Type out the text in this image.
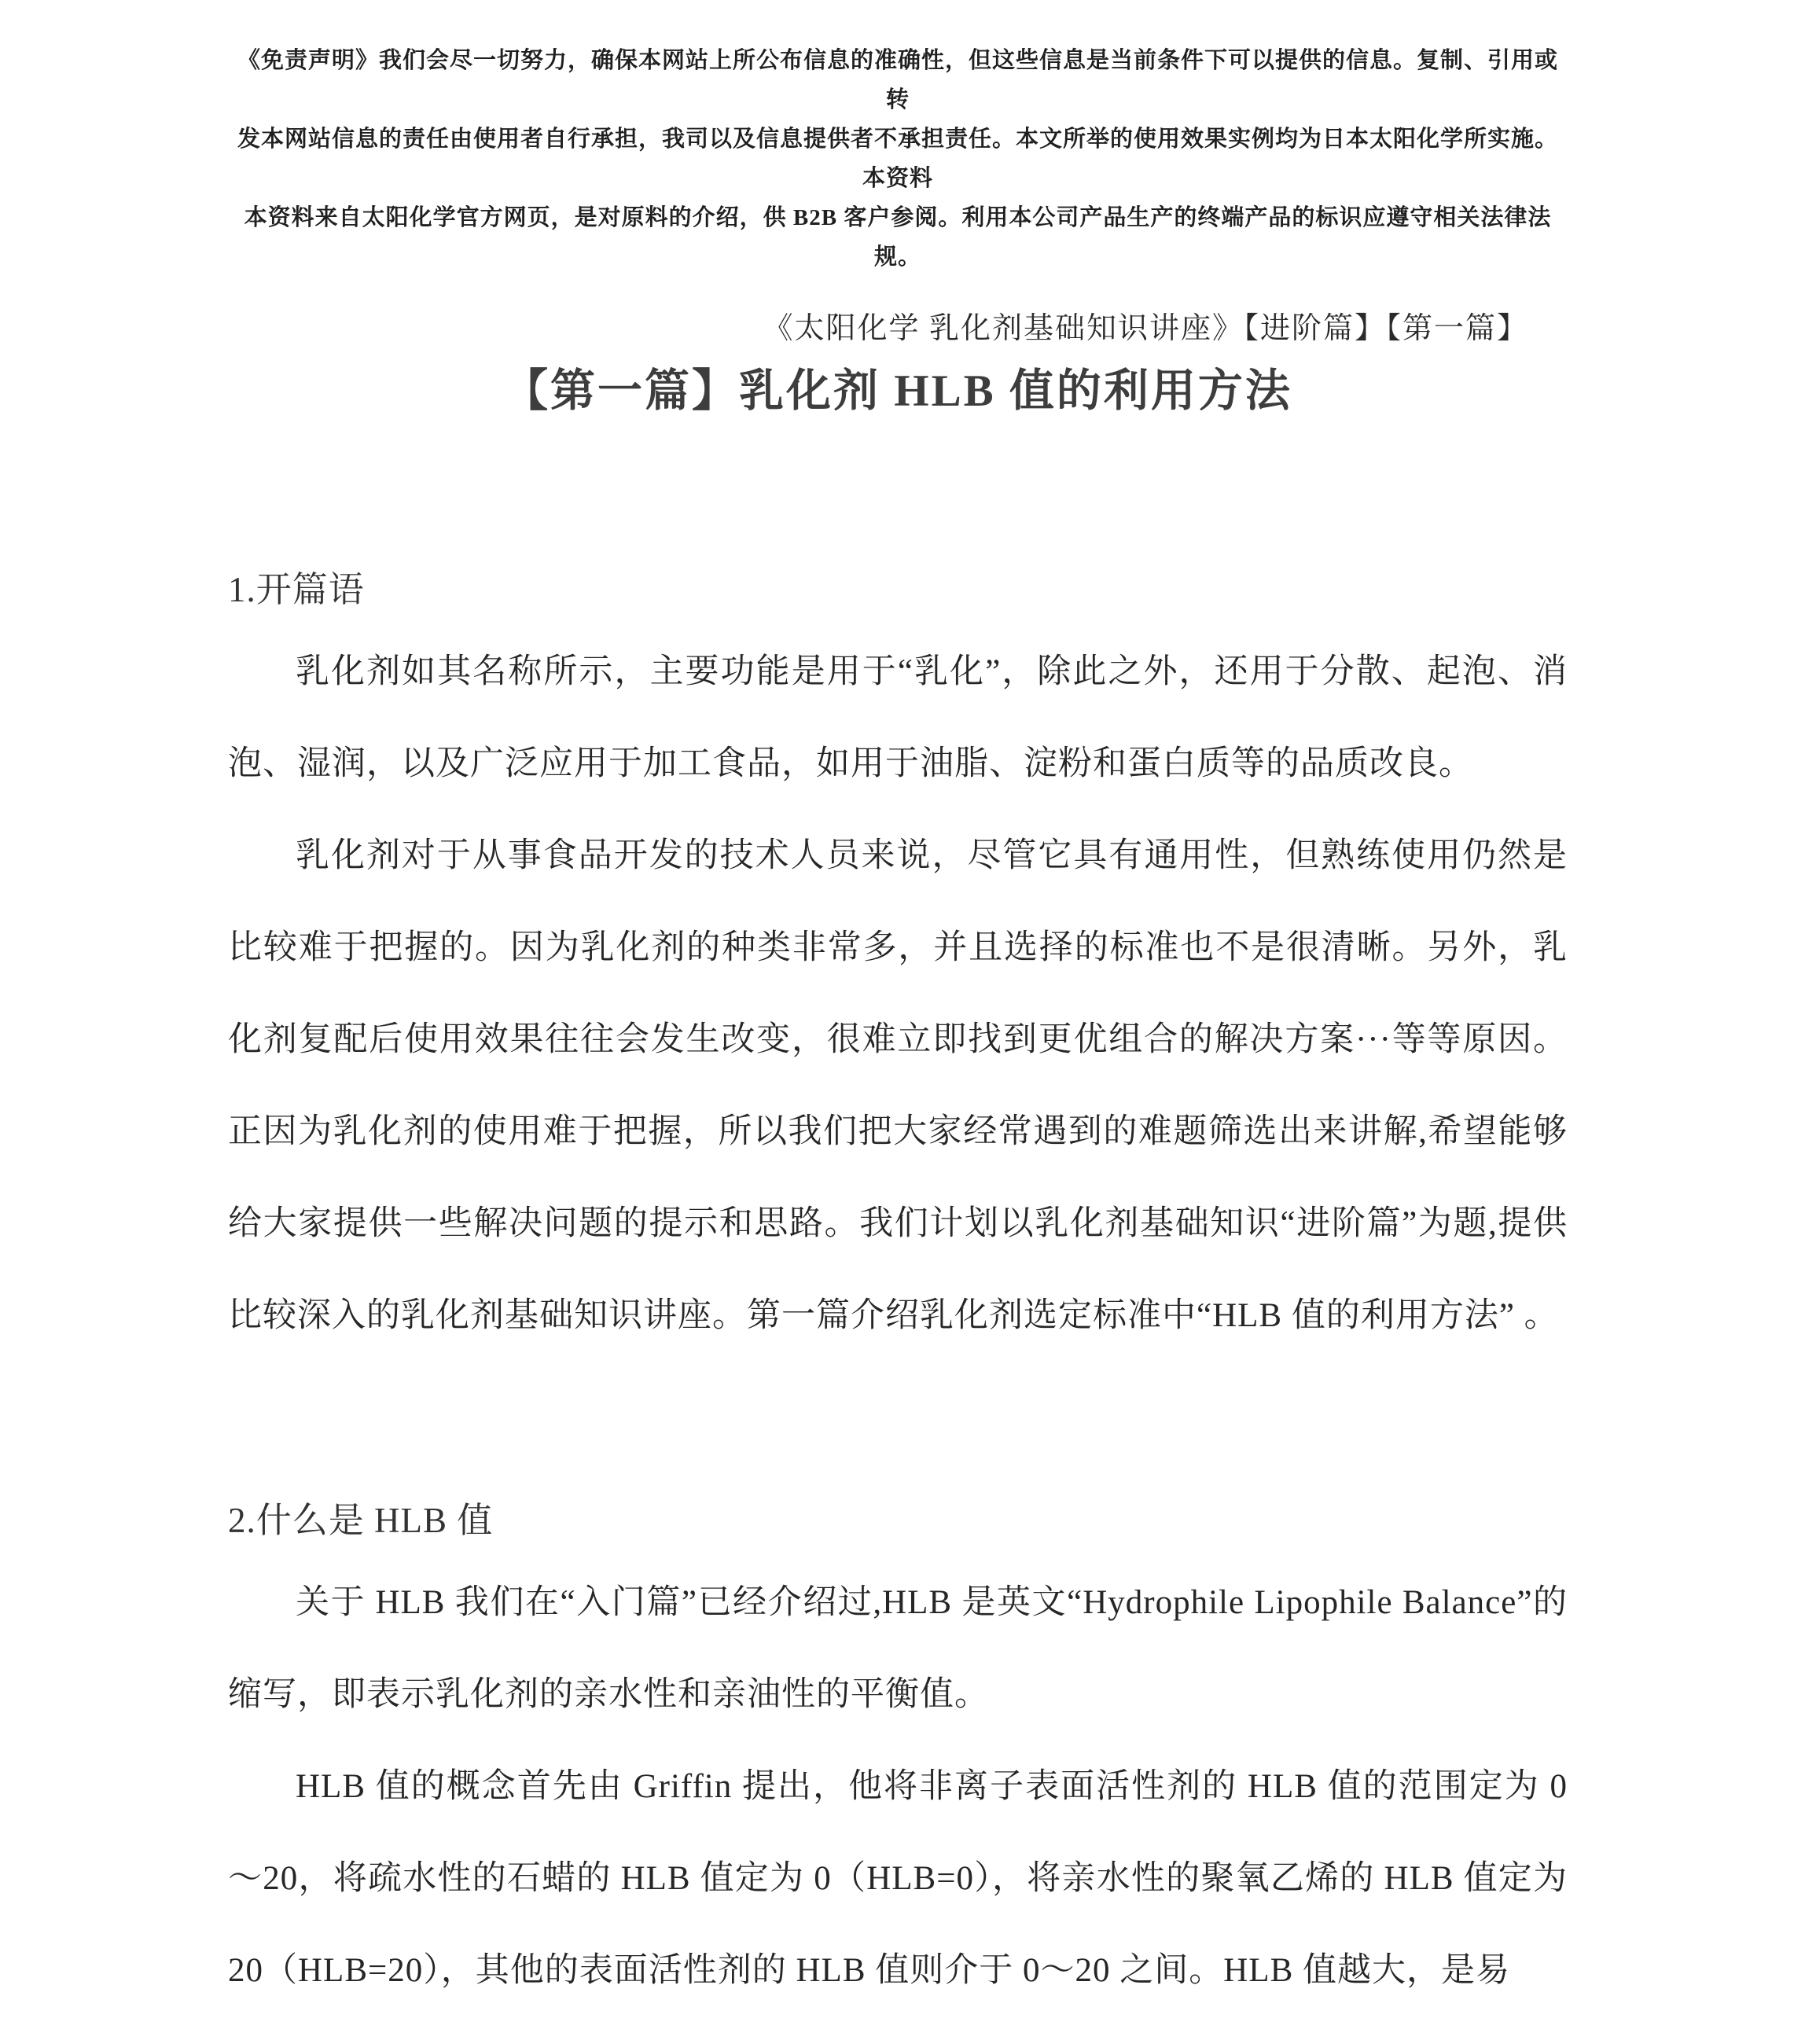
《免责声明》我们会尽一切努力，确保本网站上所公布信息的准确性，但这些信息是当前条件下可以提供的信息。复制、引用或转
发本网站信息的责任由使用者自行承担，我司以及信息提供者不承担责任。本文所举的使用效果实例均为日本太阳化学所实施。本资料
本资料来自太阳化学官方网页，是对原料的介绍，供 B2B 客户参阅。利用本公司产品生产的终端产品的标识应遵守相关法律法规。
《太阳化学 乳化剂基础知识讲座》【进阶篇】【第一篇】
【第一篇】乳化剂 HLB 值的利用方法
1.开篇语

乳化剂如其名称所示，主要功能是用于“乳化”，除此之外，还用于分散、起泡、消泡、湿润，以及广泛应用于加工食品，如用于油脂、淀粉和蛋白质等的品质改良。

乳化剂对于从事食品开发的技术人员来说，尽管它具有通用性，但熟练使用仍然是比较难于把握的。因为乳化剂的种类非常多，并且选择的标准也不是很清晰。另外，乳化剂复配后使用效果往往会发生改变，很难立即找到更优组合的解决方案···等等原因。正因为乳化剂的使用难于把握，所以我们把大家经常遇到的难题筛选出来讲解,希望能够给大家提供一些解决问题的提示和思路。我们计划以乳化剂基础知识“进阶篇”为题,提供比较深入的乳化剂基础知识讲座。第一篇介绍乳化剂选定标准中“HLB 值的利用方法” 。

2.什么是 HLB 值

关于 HLB 我们在“入门篇”已经介绍过,HLB 是英文“Hydrophile Lipophile Balance”的缩写，即表示乳化剂的亲水性和亲油性的平衡值。

HLB 值的概念首先由 Griffin 提出，他将非离子表面活性剂的 HLB 值的范围定为 0～20，将疏水性的石蜡的 HLB 值定为 0（HLB=0），将亲水性的聚氧乙烯的 HLB 值定为 20（HLB=20），其他的表面活性剂的 HLB 值则介于 0～20 之间。HLB 值越大，是易
